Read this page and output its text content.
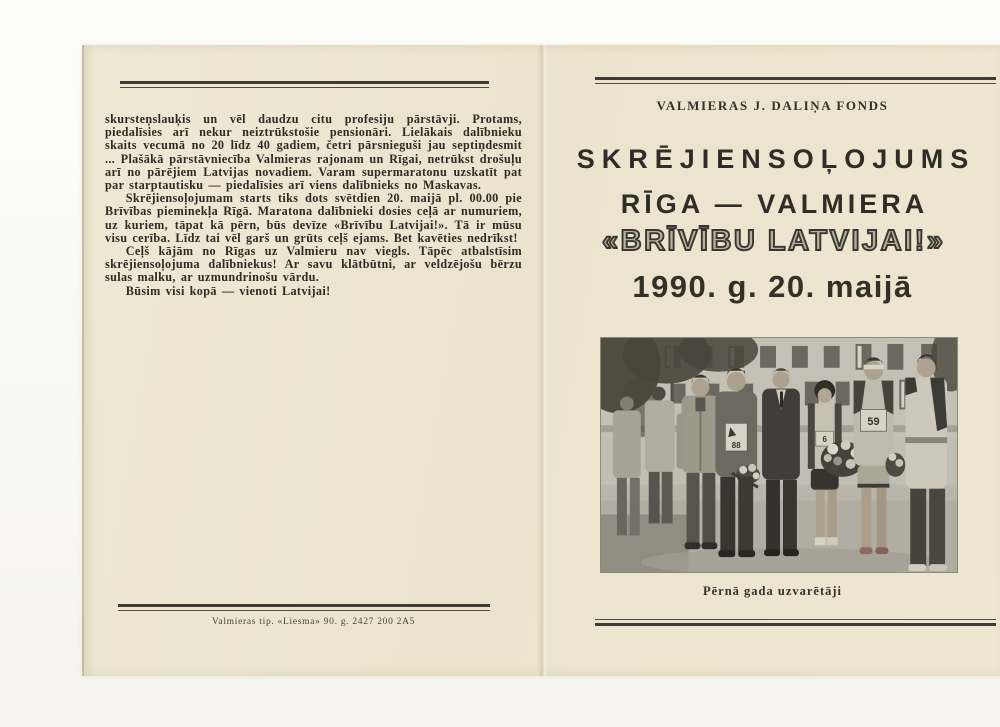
skursteņslauķis un vēl daudzu citu profesiju pārstāvji. Protams, piedalīsies arī nekur neiztrūkstošie pensionāri. Lielākais dalībnieku skaits vecumā no 20 līdz 40 gadiem, četri pārsnieguši jau septiņdesmit ... Plašākā pārstāvniecība Valmieras rajonam un Rīgai, netrūkst drošuļu arī no pārējiem Latvijas novadiem. Varam supermaratonu uzskatīt pat par starptautisku — piedalīsies arī viens dalībnieks no Maskavas.

Skrējiensoļojumam starts tiks dots svētdien 20. maijā pl. 00.00 pie Brīvības pieminekļa Rīgā. Maratona dalībnieki dosies ceļā ar numuriem, uz kuriem, tāpat kā pērn, būs devīze «Brīvību Latvijai!». Tā ir mūsu visu cerība. Līdz tai vēl garš un grūts ceļš ejams. Bet kavēties nedrīkst!

Ceļš kājām no Rīgas uz Valmieru nav viegls. Tāpēc atbalstīsim skrējiensoļojuma dalībniekus! Ar savu klātbūtni, ar veldzējošu bērzu sulas malku, ar uzmundrinošu vārdu.

Būsim visi kopā — vienoti Latvijai!

Valmieras tip. «Liesma» 90. g. 2427 200 2A5
VALMIERAS J. DALIŅA FONDS
SKRĒJIENSOĻOJUMS
RĪGA — VALMIERA
«BRĪVĪBU LATVIJAI!»
1990. g. 20. maijā
88
6
59
Pērnā gada uzvarētāji
